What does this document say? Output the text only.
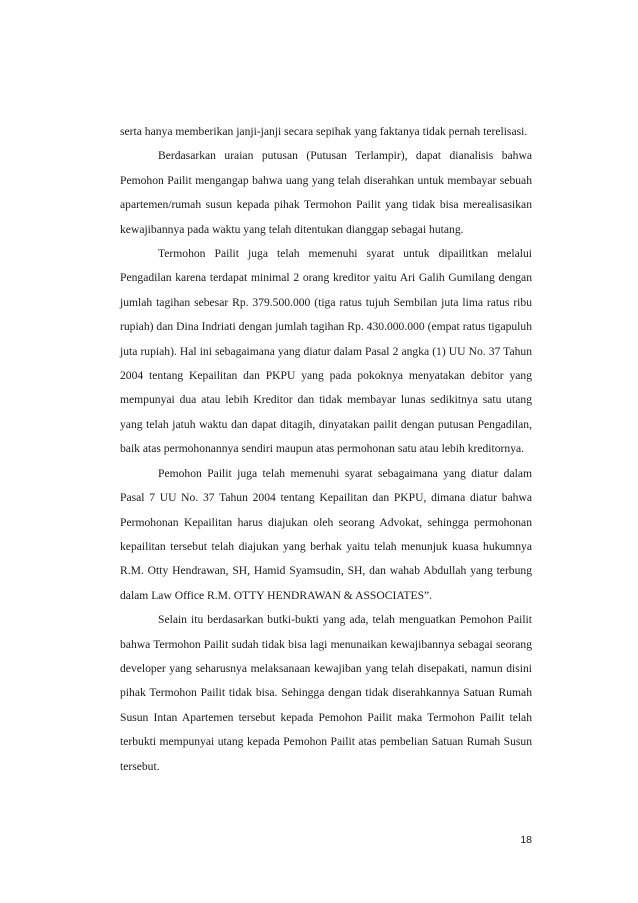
serta hanya memberikan janji-janji secara sepihak yang faktanya tidak pernah terelisasi.

Berdasarkan uraian putusan (Putusan Terlampir), dapat dianalisis bahwa Pemohon Pailit mengangap bahwa uang yang telah diserahkan untuk membayar sebuah apartemen/rumah susun kepada pihak Termohon Pailit yang tidak bisa merealisasikan kewajibannya pada waktu yang telah ditentukan dianggap sebagai hutang.

Termohon Pailit juga telah memenuhi syarat untuk dipailitkan melalui Pengadilan karena terdapat minimal 2 orang kreditor yaitu Ari Galih Gumilang dengan jumlah tagihan sebesar Rp. 379.500.000 (tiga ratus tujuh Sembilan juta lima ratus ribu rupiah) dan Dina Indriati dengan jumlah tagihan Rp. 430.000.000 (empat ratus tigapuluh juta rupiah). Hal ini sebagaimana yang diatur dalam Pasal 2 angka (1) UU No. 37 Tahun 2004 tentang Kepailitan dan PKPU yang pada pokoknya menyatakan debitor yang mempunyai dua atau lebih Kreditor dan tidak membayar lunas sedikitnya satu utang yang telah jatuh waktu dan dapat ditagih, dinyatakan pailit dengan putusan Pengadilan, baik atas permohonannya sendiri maupun atas permohonan satu atau lebih kreditornya.

Pemohon Pailit juga telah memenuhi syarat sebagaimana yang diatur dalam Pasal 7 UU No. 37 Tahun 2004 tentang Kepailitan dan PKPU, dimana diatur bahwa Permohonan Kepailitan harus diajukan oleh seorang Advokat, sehingga permohonan kepailitan tersebut telah diajukan yang berhak yaitu telah menunjuk kuasa hukumnya R.M. Otty Hendrawan, SH, Hamid Syamsudin, SH, dan wahab Abdullah yang terbung dalam Law Office R.M. OTTY HENDRAWAN & ASSOCIATES”.

Selain itu berdasarkan butki-bukti yang ada, telah menguatkan Pemohon Pailit bahwa Termohon Pailit sudah tidak bisa lagi menunaikan kewajibannya sebagai seorang developer yang seharusnya melaksanaan kewajiban yang telah disepakati, namun disini pihak Termohon Pailit tidak bisa. Sehingga dengan tidak diserahkannya Satuan Rumah Susun Intan Apartemen tersebut kepada Pemohon Pailit maka Termohon Pailit telah terbukti mempunyai utang kepada Pemohon Pailit atas pembelian Satuan Rumah Susun tersebut.

18
